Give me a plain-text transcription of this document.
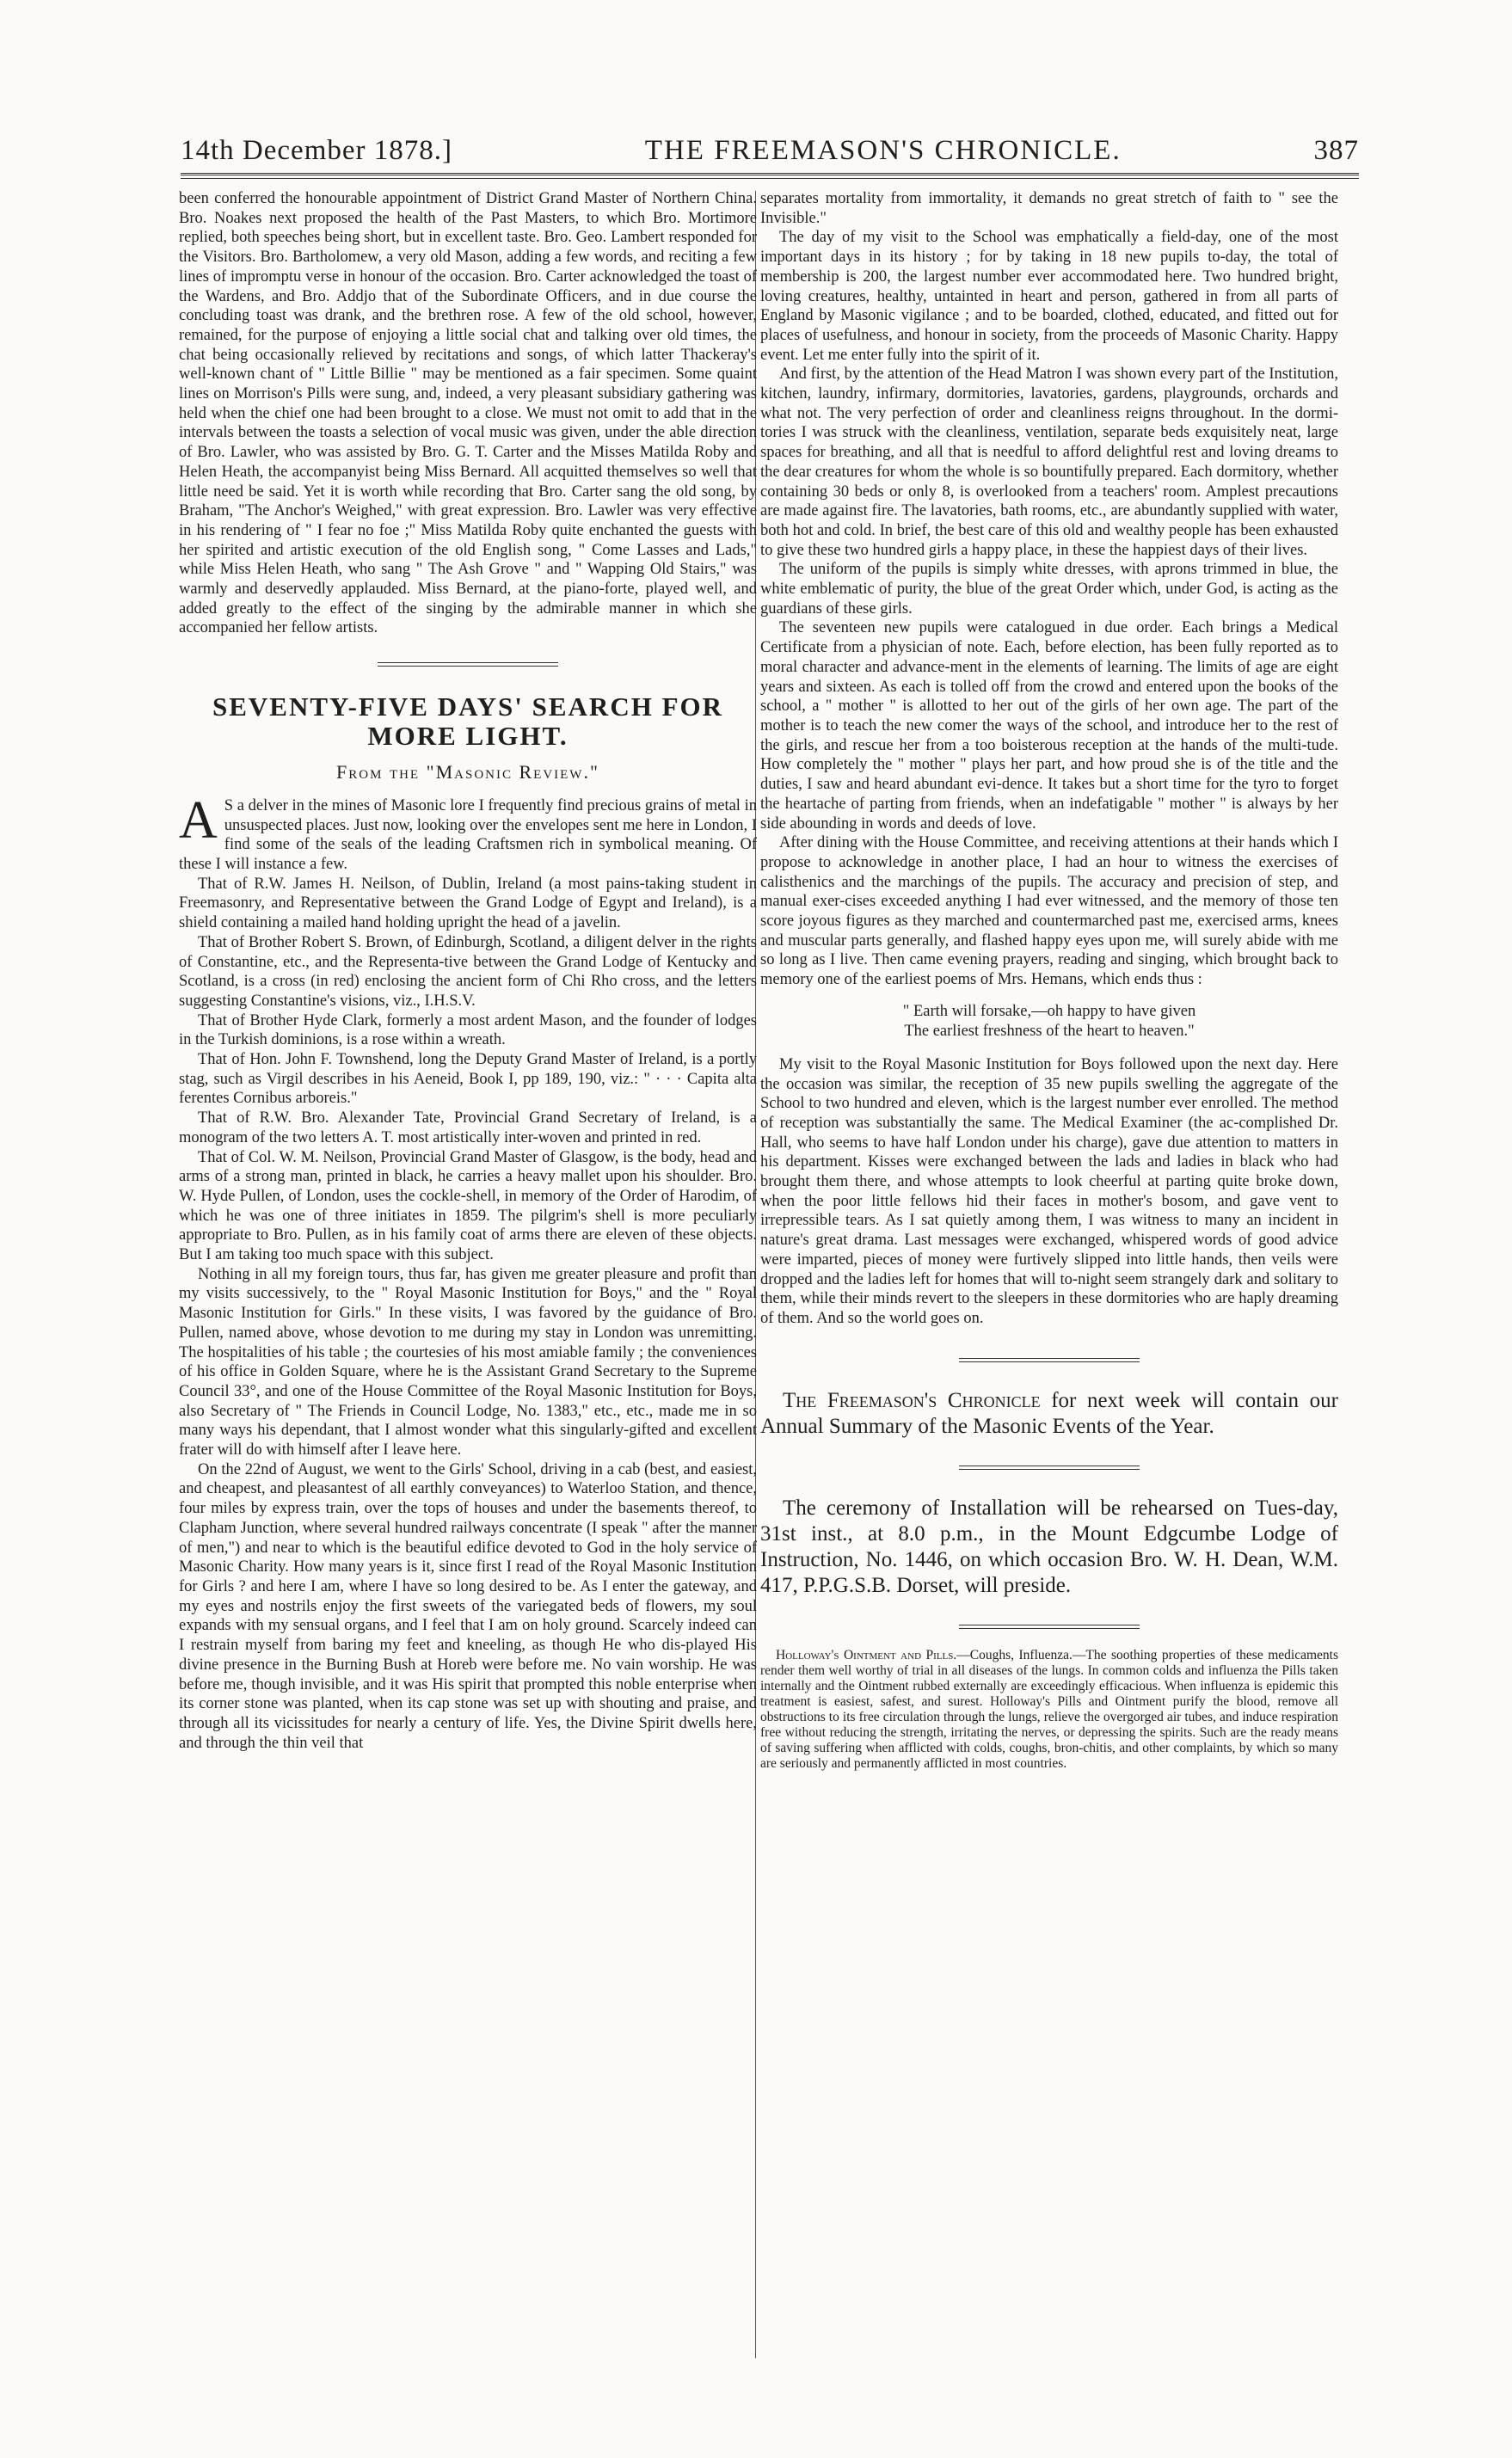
14th December 1878.]	THE FREEMASON'S CHRONICLE.	387

been conferred the honourable appointment of District Grand Master of Northern China. Bro. Noakes next proposed the health of the Past Masters, to which Bro. Mortimore replied, both speeches being short, but in excellent taste. Bro. Geo. Lambert responded for the Visitors. Bro. Bartholomew, a very old Mason, adding a few words, and reciting a few lines of impromptu verse in honour of the occasion. Bro. Carter acknowledged the toast of the Wardens, and Bro. Addjo that of the Subordinate Officers, and in due course the concluding toast was drank, and the brethren rose. A few of the old school, however, remained, for the purpose of enjoying a little social chat and talking over old times, the chat being occasionally relieved by recitations and songs, of which latter Thackeray's well-known chant of " Little Billie " may be mentioned as a fair specimen. Some quaint lines on Morrison's Pills were sung, and, indeed, a very pleasant subsidiary gathering was held when the chief one had been brought to a close. We must not omit to add that in the intervals between the toasts a selection of vocal music was given, under the able direction of Bro. Lawler, who was assisted by Bro. G. T. Carter and the Misses Matilda Roby and Helen Heath, the accompanyist being Miss Bernard. All acquitted themselves so well that little need be said. Yet it is worth while recording that Bro. Carter sang the old song, by Braham, "The Anchor's Weighed," with great expression. Bro. Lawler was very effective in his rendering of " I fear no foe ;" Miss Matilda Roby quite enchanted the guests with her spirited and artistic execution of the old English song, " Come Lasses and Lads," while Miss Helen Heath, who sang " The Ash Grove " and " Wapping Old Stairs," was warmly and deservedly applauded. Miss Bernard, at the piano-forte, played well, and added greatly to the effect of the singing by the admirable manner in which she accompanied her fellow artists.

SEVENTY-FIVE DAYS' SEARCH FOR MORE LIGHT.
From the "Masonic Review."

A S a delver in the mines of Masonic lore I frequently find precious grains of metal in unsuspected places. Just now, looking over the envelopes sent me here in London, I find some of the seals of the leading Craftsmen rich in symbolical meaning. Of these I will instance a few.

That of R.W. James H. Neilson, of Dublin, Ireland (a most pains-taking student in Freemasonry, and Representative between the Grand Lodge of Egypt and Ireland), is a shield containing a mailed hand holding upright the head of a javelin.

That of Brother Robert S. Brown, of Edinburgh, Scotland, a diligent delver in the rights of Constantine, etc., and the Representa-tive between the Grand Lodge of Kentucky and Scotland, is a cross (in red) enclosing the ancient form of Chi Rho cross, and the letters suggesting Constantine's visions, viz., I.H.S.V.

That of Brother Hyde Clark, formerly a most ardent Mason, and the founder of lodges in the Turkish dominions, is a rose within a wreath.

That of Hon. John F. Townshend, long the Deputy Grand Master of Ireland, is a portly stag, such as Virgil describes in his Aeneid, Book I, pp 189, 190, viz.: " · · · Capita alta ferentes Cornibus arboreis."

That of R.W. Bro. Alexander Tate, Provincial Grand Secretary of Ireland, is a monogram of the two letters A. T. most artistically inter-woven and printed in red.

That of Col. W. M. Neilson, Provincial Grand Master of Glasgow, is the body, head and arms of a strong man, printed in black, he carries a heavy mallet upon his shoulder. Bro. W. Hyde Pullen, of London, uses the cockle-shell, in memory of the Order of Harodim, of which he was one of three initiates in 1859. The pilgrim's shell is more peculiarly appropriate to Bro. Pullen, as in his family coat of arms there are eleven of these objects. But I am taking too much space with this subject.

Nothing in all my foreign tours, thus far, has given me greater pleasure and profit than my visits successively, to the " Royal Masonic Institution for Boys," and the " Royal Masonic Institution for Girls." In these visits, I was favored by the guidance of Bro. Pullen, named above, whose devotion to me during my stay in London was unremitting. The hospitalities of his table ; the courtesies of his most amiable family ; the conveniences of his office in Golden Square, where he is the Assistant Grand Secretary to the Supreme Council 33°, and one of the House Committee of the Royal Masonic Institution for Boys, also Secretary of " The Friends in Council Lodge, No. 1383," etc., etc., made me in so many ways his dependant, that I almost wonder what this singularly-gifted and excellent frater will do with himself after I leave here.

On the 22nd of August, we went to the Girls' School, driving in a cab (best, and easiest, and cheapest, and pleasantest of all earthly conveyances) to Waterloo Station, and thence, four miles by express train, over the tops of houses and under the basements thereof, to Clapham Junction, where several hundred railways concentrate (I speak " after the manner of men,") and near to which is the beautiful edifice devoted to God in the holy service of Masonic Charity. How many years is it, since first I read of the Royal Masonic Institution for Girls ? and here I am, where I have so long desired to be. As I enter the gateway, and my eyes and nostrils enjoy the first sweets of the variegated beds of flowers, my soul expands with my sensual organs, and I feel that I am on holy ground. Scarcely indeed can I restrain myself from baring my feet and kneeling, as though He who dis-played His divine presence in the Burning Bush at Horeb were before me. No vain worship. He was before me, though invisible, and it was His spirit that prompted this noble enterprise when its corner stone was planted, when its cap stone was set up with shouting and praise, and through all its vicissitudes for nearly a century of life. Yes, the Divine Spirit dwells here, and through the thin veil that

separates mortality from immortality, it demands no great stretch of faith to " see the Invisible."

The day of my visit to the School was emphatically a field-day, one of the most important days in its history ; for by taking in 18 new pupils to-day, the total of membership is 200, the largest number ever accommodated here. Two hundred bright, loving creatures, healthy, untainted in heart and person, gathered in from all parts of England by Masonic vigilance ; and to be boarded, clothed, educated, and fitted out for places of usefulness, and honour in society, from the proceeds of Masonic Charity. Happy event. Let me enter fully into the spirit of it.

And first, by the attention of the Head Matron I was shown every part of the Institution, kitchen, laundry, infirmary, dormitories, lavatories, gardens, playgrounds, orchards and what not. The very perfection of order and cleanliness reigns throughout. In the dormi-tories I was struck with the cleanliness, ventilation, separate beds exquisitely neat, large spaces for breathing, and all that is needful to afford delightful rest and loving dreams to the dear creatures for whom the whole is so bountifully prepared. Each dormitory, whether containing 30 beds or only 8, is overlooked from a teachers' room. Amplest precautions are made against fire. The lavatories, bath rooms, etc., are abundantly supplied with water, both hot and cold. In brief, the best care of this old and wealthy people has been exhausted to give these two hundred girls a happy place, in these the happiest days of their lives.

The uniform of the pupils is simply white dresses, with aprons trimmed in blue, the white emblematic of purity, the blue of the great Order which, under God, is acting as the guardians of these girls.

The seventeen new pupils were catalogued in due order. Each brings a Medical Certificate from a physician of note. Each, before election, has been fully reported as to moral character and advance-ment in the elements of learning. The limits of age are eight years and sixteen. As each is tolled off from the crowd and entered upon the books of the school, a " mother " is allotted to her out of the girls of her own age. The part of the mother is to teach the new comer the ways of the school, and introduce her to the rest of the girls, and rescue her from a too boisterous reception at the hands of the multi-tude. How completely the " mother " plays her part, and how proud she is of the title and the duties, I saw and heard abundant evi-dence. It takes but a short time for the tyro to forget the heartache of parting from friends, when an indefatigable " mother " is always by her side abounding in words and deeds of love.

After dining with the House Committee, and receiving attentions at their hands which I propose to acknowledge in another place, I had an hour to witness the exercises of calisthenics and the marchings of the pupils. The accuracy and precision of step, and manual exer-cises exceeded anything I had ever witnessed, and the memory of those ten score joyous figures as they marched and countermarched past me, exercised arms, knees and muscular parts generally, and flashed happy eyes upon me, will surely abide with me so long as I live. Then came evening prayers, reading and singing, which brought back to memory one of the earliest poems of Mrs. Hemans, which ends thus :

" Earth will forsake,—oh happy to have given
The earliest freshness of the heart to heaven."

My visit to the Royal Masonic Institution for Boys followed upon the next day. Here the occasion was similar, the reception of 35 new pupils swelling the aggregate of the School to two hundred and eleven, which is the largest number ever enrolled. The method of reception was substantially the same. The Medical Examiner (the ac-complished Dr. Hall, who seems to have half London under his charge), gave due attention to matters in his department. Kisses were exchanged between the lads and ladies in black who had brought them there, and whose attempts to look cheerful at parting quite broke down, when the poor little fellows hid their faces in mother's bosom, and gave vent to irrepressible tears. As I sat quietly among them, I was witness to many an incident in nature's great drama. Last messages were exchanged, whispered words of good advice were imparted, pieces of money were furtively slipped into little hands, then veils were dropped and the ladies left for homes that will to-night seem strangely dark and solitary to them, while their minds revert to the sleepers in these dormitories who are haply dreaming of them. And so the world goes on.

The Freemason's Chronicle for next week will contain our Annual Summary of the Masonic Events of the Year.

The ceremony of Installation will be rehearsed on Tues-day, 31st inst., at 8.0 p.m., in the Mount Edgcumbe Lodge of Instruction, No. 1446, on which occasion Bro. W. H. Dean, W.M. 417, P.P.G.S.B. Dorset, will preside.

Holloway's Ointment and Pills.—Coughs, Influenza.—The soothing properties of these medicaments render them well worthy of trial in all diseases of the lungs. In common colds and influenza the Pills taken internally and the Ointment rubbed externally are exceedingly efficacious. When influenza is epidemic this treatment is easiest, safest, and surest. Holloway's Pills and Ointment purify the blood, remove all obstructions to its free circulation through the lungs, relieve the overgorged air tubes, and induce respiration free without reducing the strength, irritating the nerves, or depressing the spirits. Such are the ready means of saving suffering when afflicted with colds, coughs, bron-chitis, and other complaints, by which so many are seriously and permanently afflicted in most countries.
